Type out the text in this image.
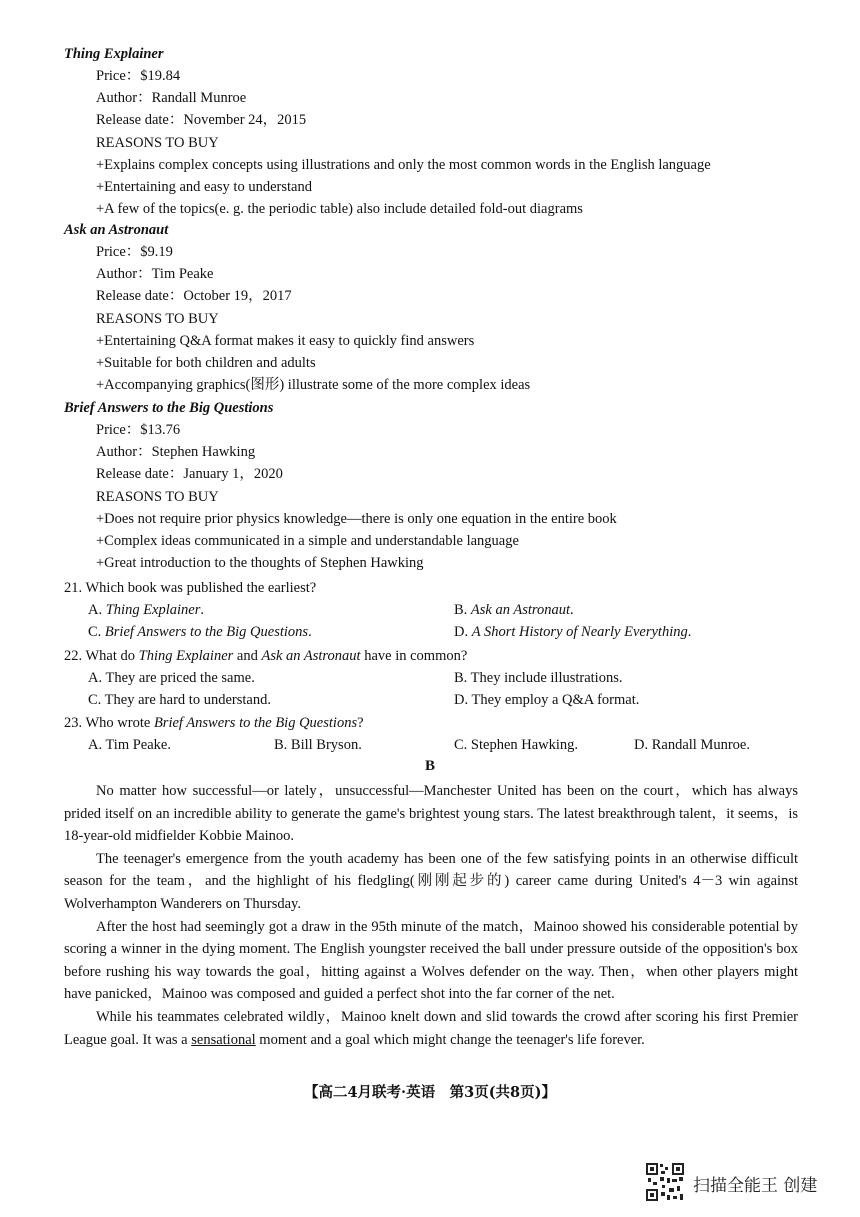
Thing Explainer
Price：$19.84
Author：Randall Munroe
Release date：November 24，2015
REASONS TO BUY
+Explains complex concepts using illustrations and only the most common words in the English language
+Entertaining and easy to understand
+A few of the topics(e. g. the periodic table) also include detailed fold-out diagrams
Ask an Astronaut
Price：$9.19
Author：Tim Peake
Release date：October 19，2017
REASONS TO BUY
+Entertaining Q&A format makes it easy to quickly find answers
+Suitable for both children and adults
+Accompanying graphics(图形) illustrate some of the more complex ideas
Brief Answers to the Big Questions
Price：$13.76
Author：Stephen Hawking
Release date：January 1，2020
REASONS TO BUY
+Does not require prior physics knowledge—there is only one equation in the entire book
+Complex ideas communicated in a simple and understandable language
+Great introduction to the thoughts of Stephen Hawking
21. Which book was published the earliest?
A. Thing Explainer.	B. Ask an Astronaut.
C. Brief Answers to the Big Questions.	D. A Short History of Nearly Everything.
22. What do Thing Explainer and Ask an Astronaut have in common?
A. They are priced the same.	B. They include illustrations.
C. They are hard to understand.	D. They employ a Q&A format.
23. Who wrote Brief Answers to the Big Questions?
A. Tim Peake.	B. Bill Bryson.	C. Stephen Hawking.	D. Randall Munroe.
B

No matter how successful—or lately，unsuccessful—Manchester United has been on the court，which has always prided itself on an incredible ability to generate the game's brightest young stars. The latest breakthrough talent，it seems，is 18-year-old midfielder Kobbie Mainoo.

The teenager's emergence from the youth academy has been one of the few satisfying points in an otherwise difficult season for the team，and the highlight of his fledgling(刚刚起步的) career came during United's 4－3 win against Wolverhampton Wanderers on Thursday.

After the host had seemingly got a draw in the 95th minute of the match，Mainoo showed his considerable potential by scoring a winner in the dying moment. The English youngster received the ball under pressure outside of the opposition's box before rushing his way towards the goal，hitting against a Wolves defender on the way. Then，when other players might have panicked，Mainoo was composed and guided a perfect shot into the far corner of the net.

While his teammates celebrated wildly，Mainoo knelt down and slid towards the crowd after scoring his first Premier League goal. It was a sensational moment and a goal which might change the teenager's life forever.

【高二4月联考·英语　第3页(共8页)】
扫描全能王 创建
